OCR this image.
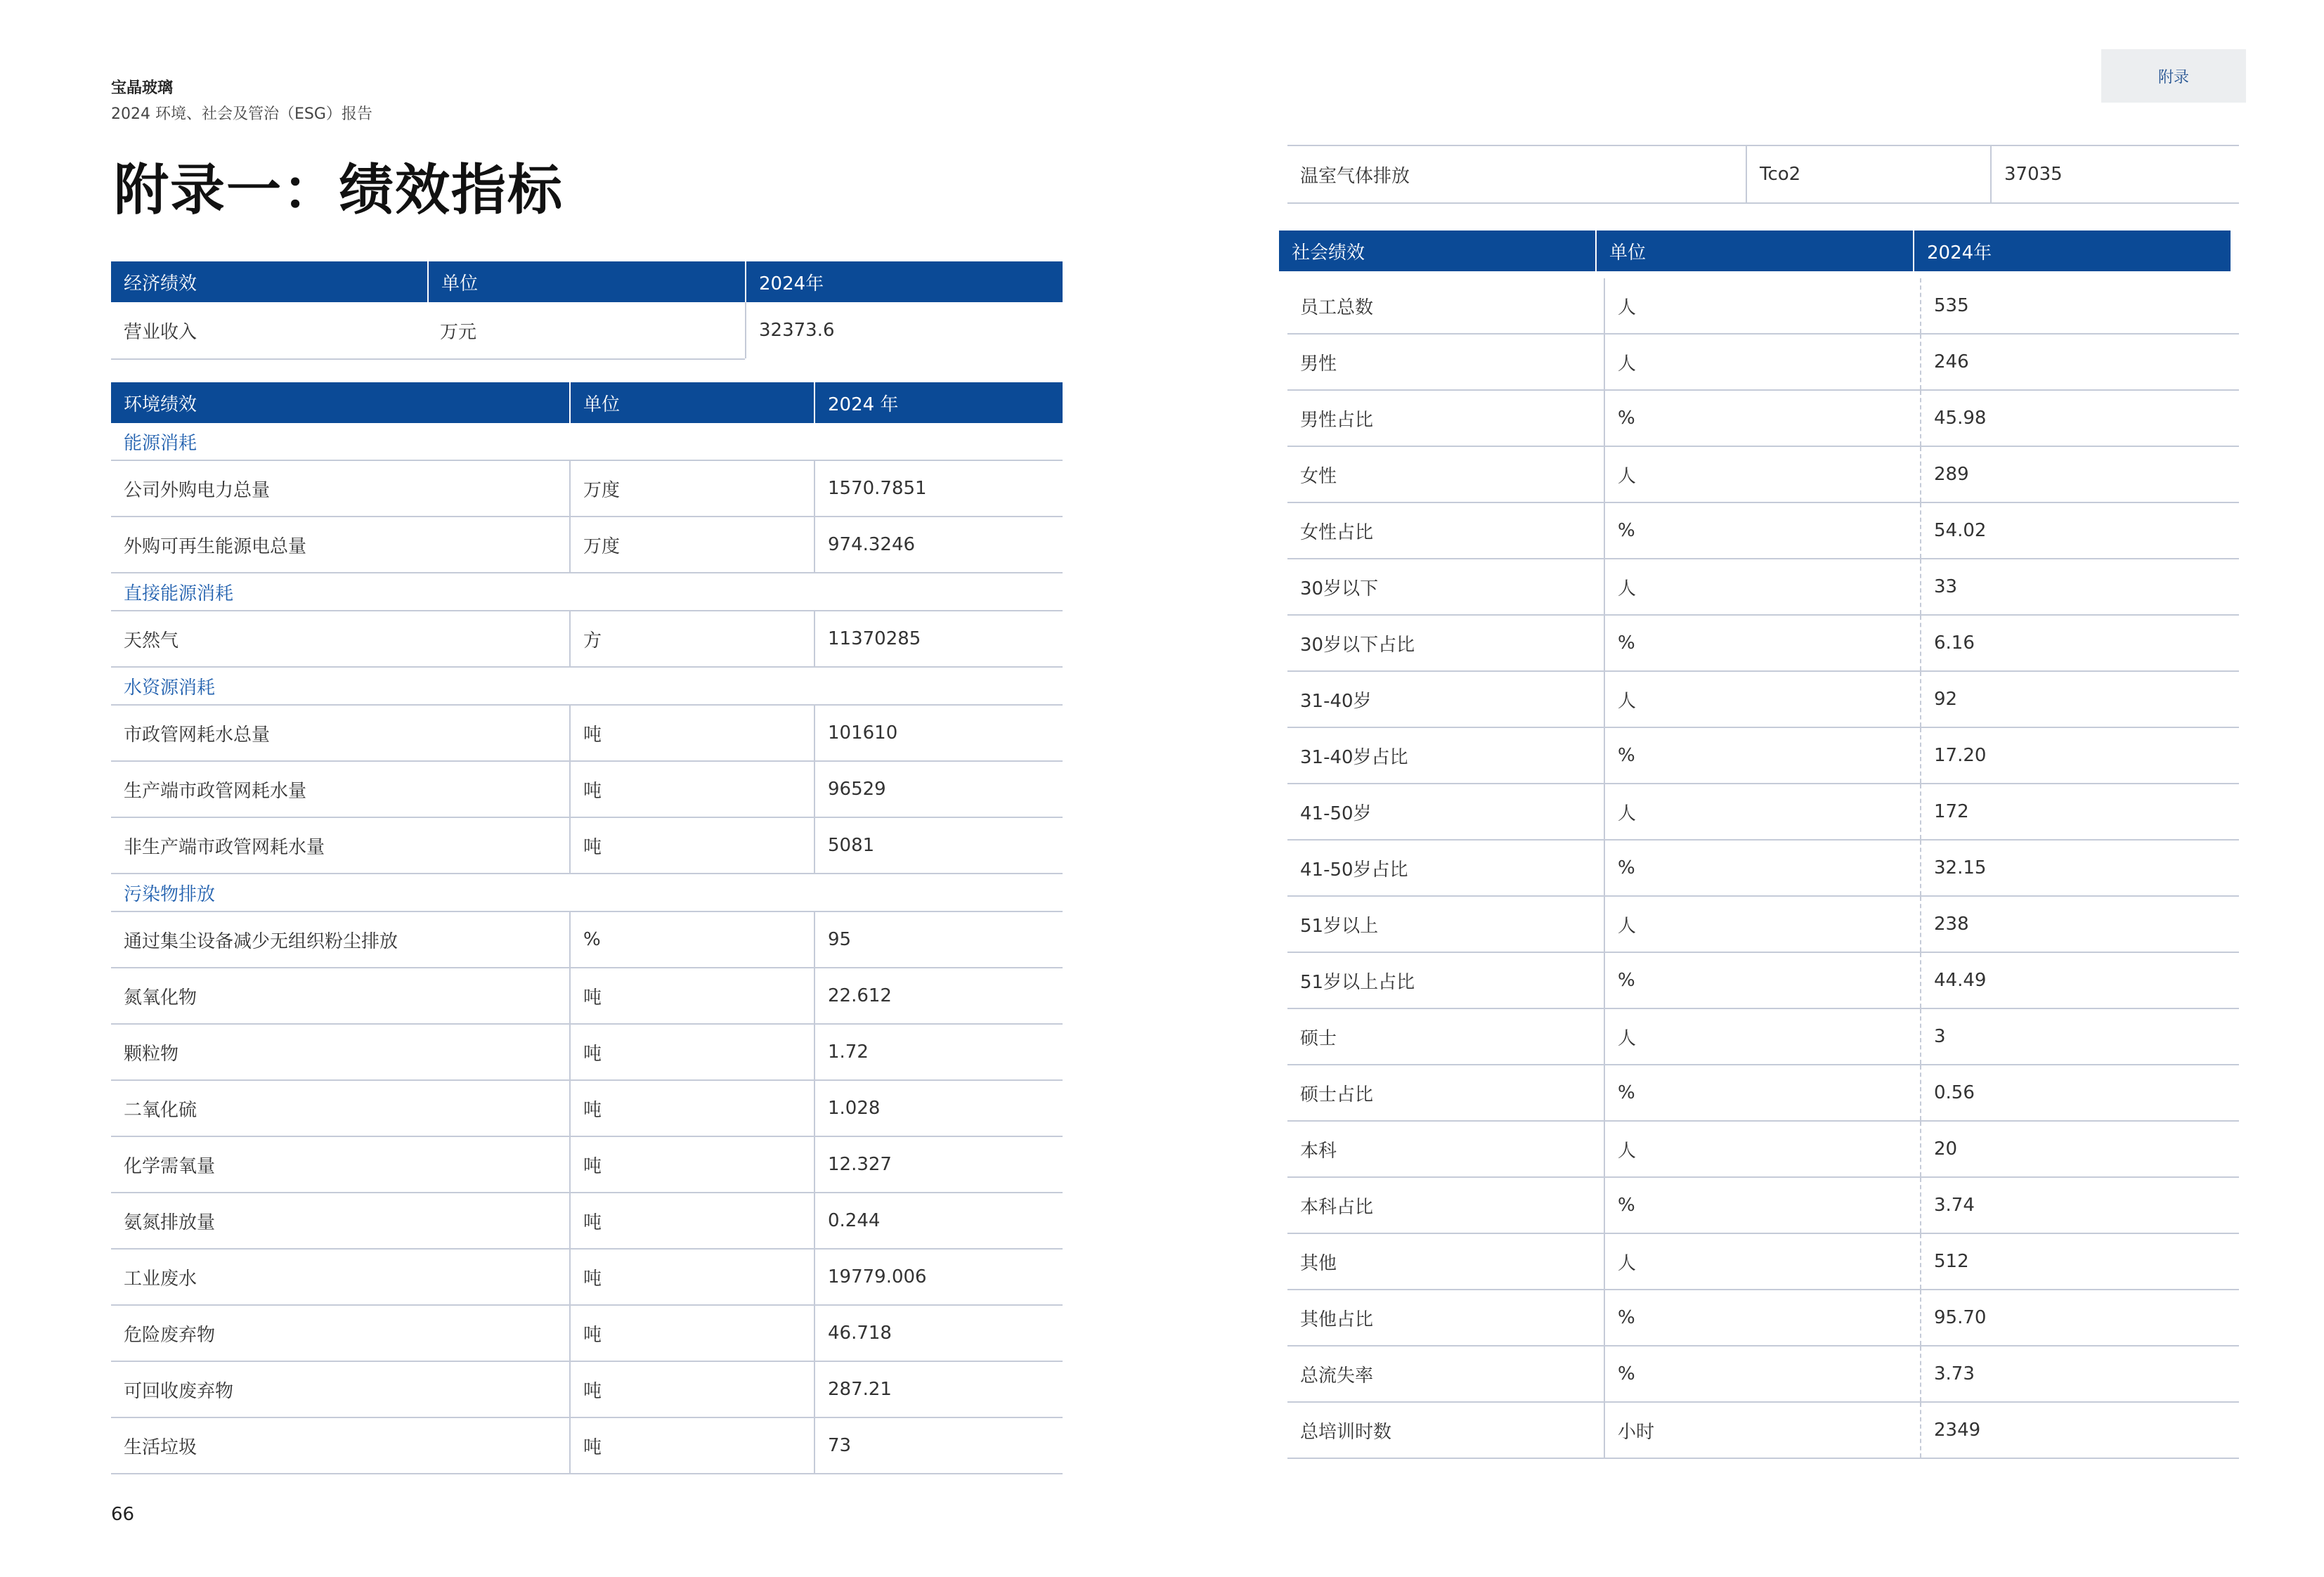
宝晶玻璃
2024 环境、社会及管治（ESG）报告
附录一：绩效指标
附录
66
经济绩效	单位	2024年
营业收入	万元	32373.6
环境绩效	单位	2024 年
能源消耗
公司外购电力总量	万度	1570.7851
外购可再生能源电总量	万度	974.3246
直接能源消耗
天然气	方	11370285
水资源消耗
市政管网耗水总量	吨	101610
生产端市政管网耗水量	吨	96529
非生产端市政管网耗水量	吨	5081
污染物排放
通过集尘设备减少无组织粉尘排放	%	95
氮氧化物	吨	22.612
颗粒物	吨	1.72
二氧化硫	吨	1.028
化学需氧量	吨	12.327
氨氮排放量	吨	0.244
工业废水	吨	19779.006
危险废弃物	吨	46.718
可回收废弃物	吨	287.21
生活垃圾	吨	73
温室气体排放	Tco2	37035
社会绩效	单位	2024年
员工总数	人	535
男性	人	246
男性占比	%	45.98
女性	人	289
女性占比	%	54.02
30岁以下	人	33
30岁以下占比	%	6.16
31-40岁	人	92
31-40岁占比	%	17.20
41-50岁	人	172
41-50岁占比	%	32.15
51岁以上	人	238
51岁以上占比	%	44.49
硕士	人	3
硕士占比	%	0.56
本科	人	20
本科占比	%	3.74
其他	人	512
其他占比	%	95.70
总流失率	%	3.73
总培训时数	小时	2349
